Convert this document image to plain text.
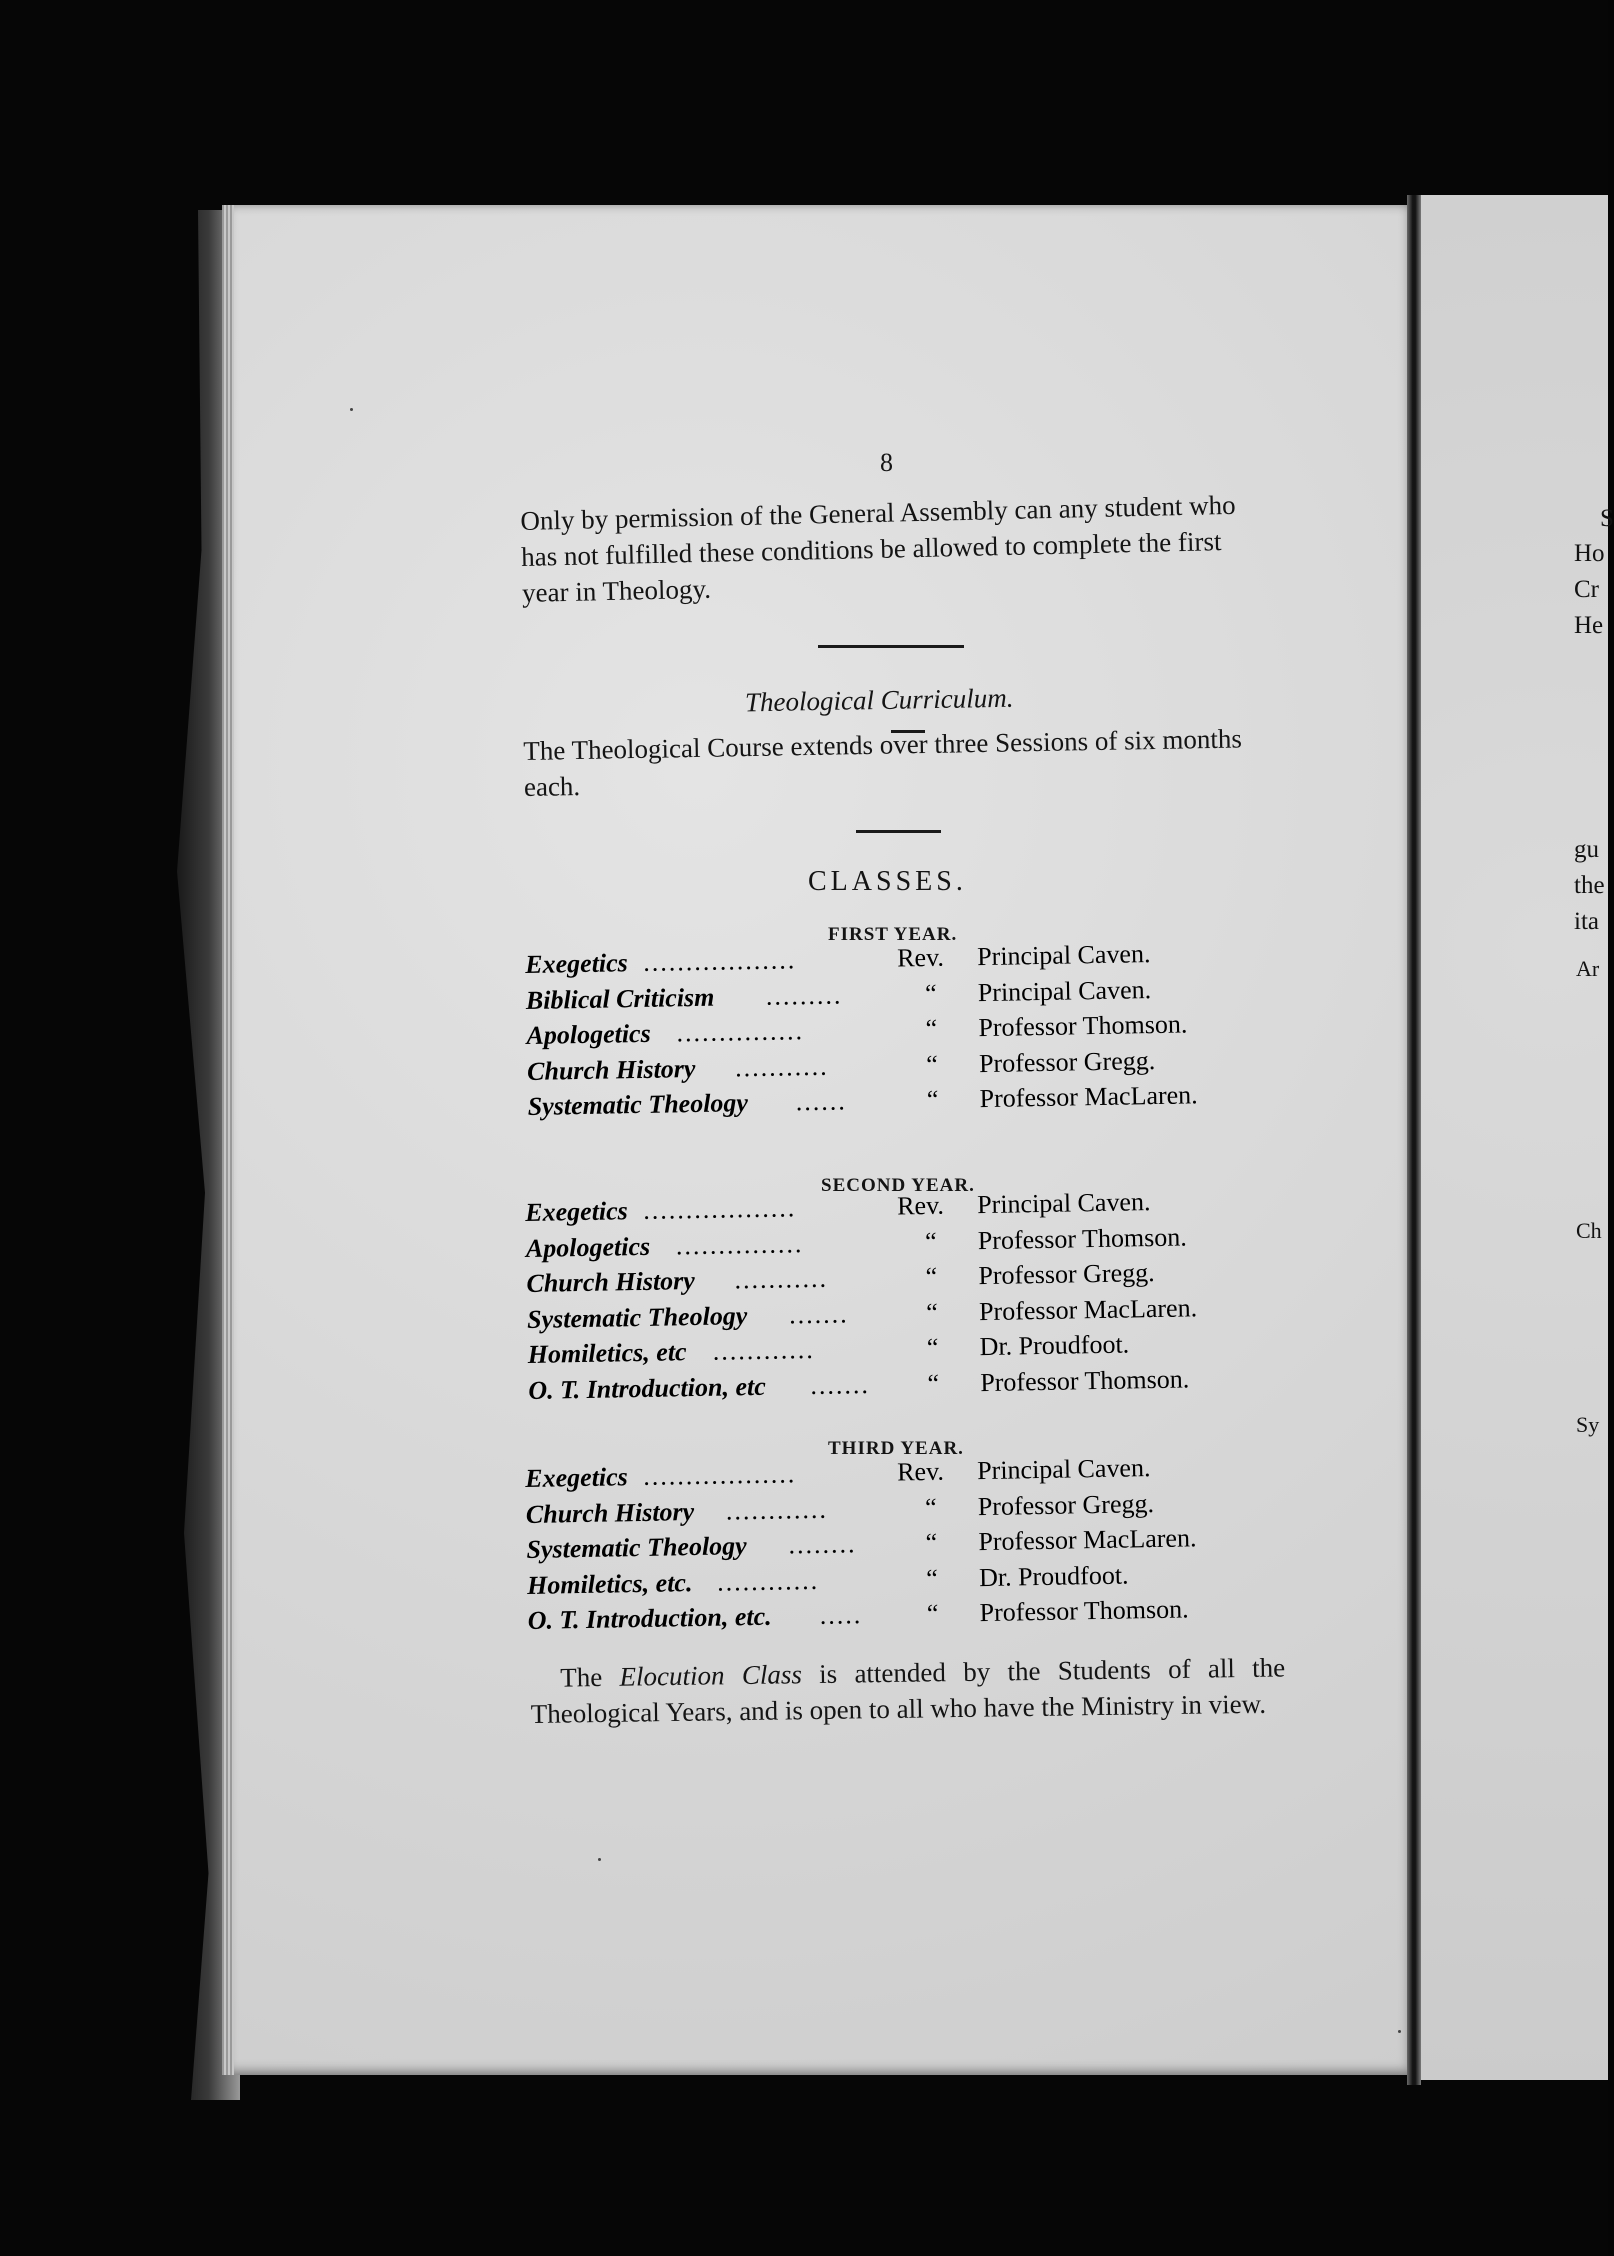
8
Only by permission of the General Assembly can any student who has not fulfilled these conditions be allowed to complete the first year in Theology.
Theological Curriculum.
The Theological Course extends over three Sessions of six months each.
CLASSES.
FIRST YEAR.
Exegetics ..................	Rev.	Principal Caven.
Biblical Criticism .........	“	Principal Caven.
Apologetics ...............	“	Professor Thomson.
Church History ...........	“	Professor Gregg.
Systematic Theology ......	“	Professor MacLaren.
SECOND YEAR.
Exegetics ..................	Rev.	Principal Caven.
Apologetics ...............	“	Professor Thomson.
Church History ...........	“	Professor Gregg.
Systematic Theology .......	“	Professor MacLaren.
Homiletics, etc ............	“	Dr. Proudfoot.
O. T. Introduction, etc .......	“	Professor Thomson.
THIRD YEAR.
Exegetics ..................	Rev.	Principal Caven.
Church History ............	“	Professor Gregg.
Systematic Theology ........	“	Professor MacLaren.
Homiletics, etc. ............	“	Dr. Proudfoot.
O. T. Introduction, etc. .....	“	Professor Thomson.
The Elocution Class is attended by the Students of all the Theological Years, and is open to all who have the Ministry in view.
S
Ho
Cr
He
gu
the
ita
Ar
Ch
Sy
